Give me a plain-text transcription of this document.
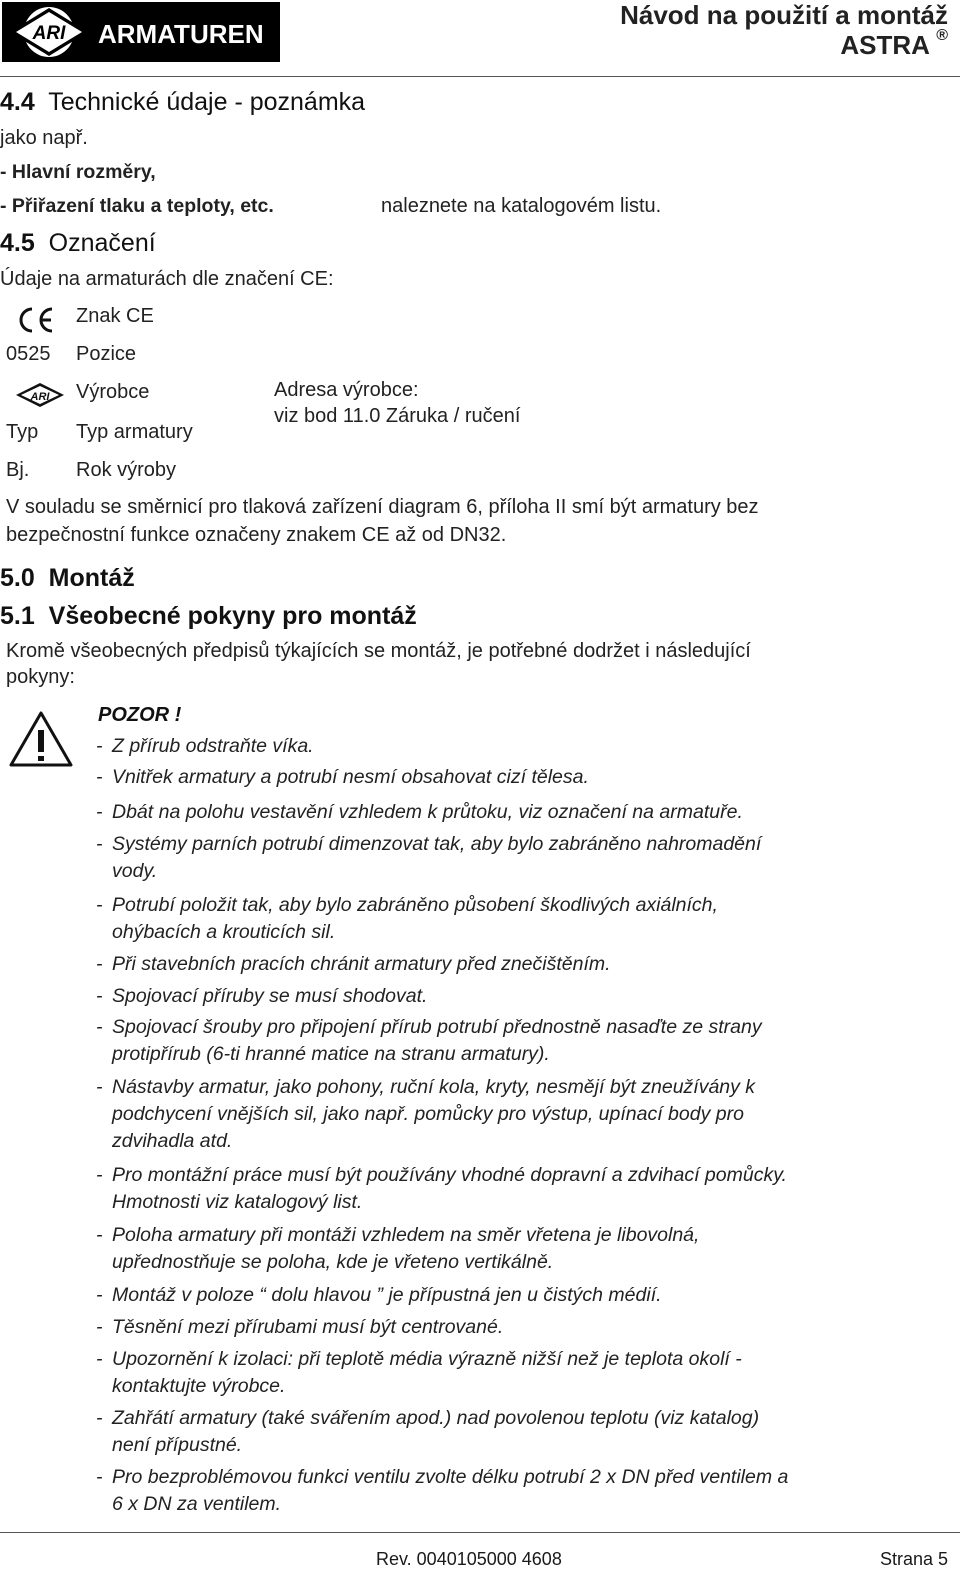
ARI ARMATUREN
Návod na použití a montáž
ASTRA ®
4.4 Technické údaje - poznámka
jako např.
- Hlavní rozměry,
- Přiřazení tlaku a teploty, etc.	naleznete na katalogovém listu.
4.5 Označení
Údaje na armaturách dle značení CE:
Znak CE
0525 Pozice
ARI Výrobce
Typ Typ armatury
Bj. Rok výroby
Adresa výrobce:
viz bod 11.0 Záruka / ručení
V souladu se směrnicí pro tlaková zařízení diagram 6, příloha II smí být armatury bez
bezpečnostní funkce označeny znakem CE až od DN32.
5.0 Montáž
5.1 Všeobecné pokyny pro montáž
Kromě všeobecných předpisů týkajících se montáž, je potřebné dodržet i následující
pokyny:
POZOR !
- Z přírub odstraňte víka.
- Vnitřek armatury a potrubí nesmí obsahovat cizí tělesa.
- Dbát na polohu vestavění vzhledem k průtoku, viz označení na armatuře.
- Systémy parních potrubí dimenzovat tak, aby bylo zabráněno nahromadění
vody.
- Potrubí položit tak, aby bylo zabráněno působení škodlivých axiálních,
ohýbacích a krouticích sil.
- Při stavebních pracích chránit armatury před znečištěním.
- Spojovací příruby se musí shodovat.
- Spojovací šrouby pro připojení přírub potrubí přednostně nasaďte ze strany
protipřírub (6-ti hranné matice na stranu armatury).
- Nástavby armatur, jako pohony, ruční kola, kryty, nesmějí být zneužívány k
podchycení vnějších sil, jako např. pomůcky pro výstup, upínací body pro
zdvihadla atd.
- Pro montážní práce musí být používány vhodné dopravní a zdvihací pomůcky.
Hmotnosti viz katalogový list.
- Poloha armatury při montáži vzhledem na směr vřetena je libovolná,
upřednostňuje se poloha, kde je vřeteno vertikálně.
- Montáž v poloze “ dolu hlavou ” je přípustná jen u čistých médií.
- Těsnění mezi přírubami musí být centrované.
- Upozornění k izolaci: při teplotě média výrazně nižší než je teplota okolí -
kontaktujte výrobce.
- Zahřátí armatury (také svářením apod.) nad povolenou teplotu (viz katalog)
není přípustné.
- Pro bezproblémovou funkci ventilu zvolte délku potrubí 2 x DN před ventilem a
6 x DN za ventilem.
Rev. 0040105000 4608	Strana 5
